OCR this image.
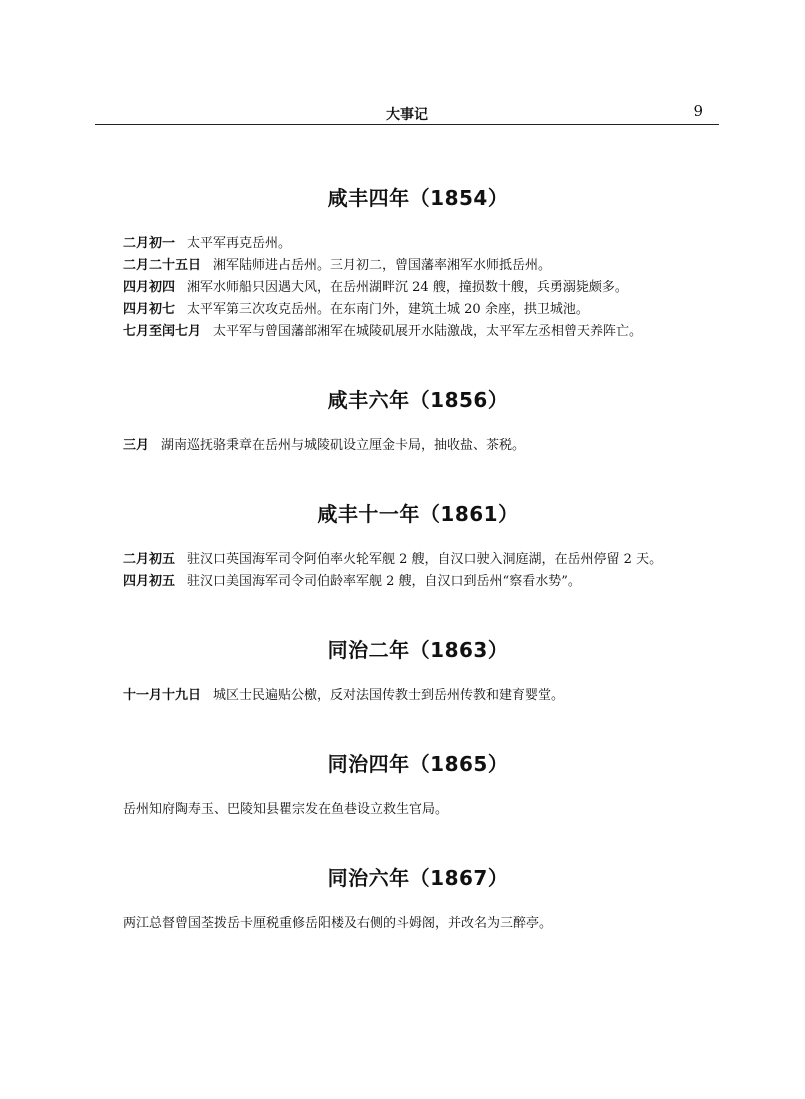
大事记	9
咸丰四年（1854）

二月初一 太平军再克岳州。

二月二十五日 湘军陆师进占岳州。三月初二，曾国藩率湘军水师抵岳州。

四月初四 湘军水师船只因遇大风，在岳州湖畔沉 24 艘，撞损数十艘，兵勇溺毙颇多。

四月初七 太平军第三次攻克岳州。在东南门外，建筑土城 20 余座，拱卫城池。

七月至闰七月 太平军与曾国藩部湘军在城陵矶展开水陆激战，太平军左丞相曾天养阵亡。

咸丰六年（1856）

三月 湖南巡抚骆秉章在岳州与城陵矶设立厘金卡局，抽收盐、茶税。

咸丰十一年（1861）

二月初五 驻汉口英国海军司令阿伯率火轮军舰 2 艘，自汉口驶入洞庭湖，在岳州停留 2 天。

四月初五 驻汉口美国海军司令司伯龄率军舰 2 艘，自汉口到岳州“察看水势”。

同治二年（1863）

十一月十九日 城区士民遍贴公檄，反对法国传教士到岳州传教和建育婴堂。

同治四年（1865）

岳州知府陶寿玉、巴陵知县瞿宗发在鱼巷设立救生官局。

同治六年（1867）

两江总督曾国荃拨岳卡厘税重修岳阳楼及右侧的斗姆阁，并改名为三醉亭。
